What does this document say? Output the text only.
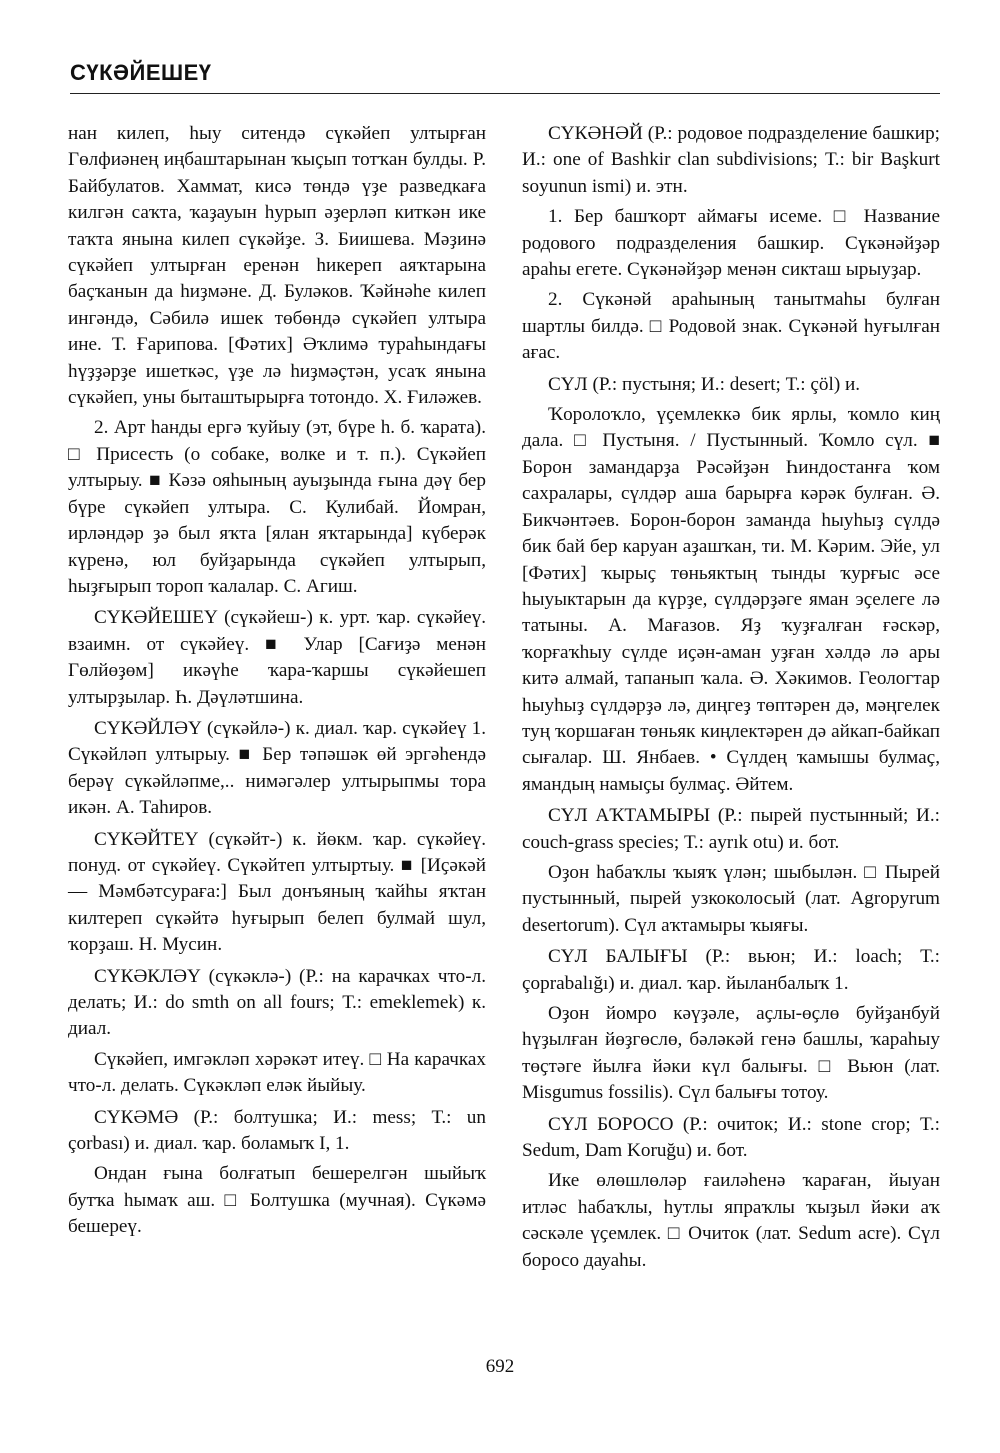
СҮКӘЙЕШЕҮ

нан килеп, һыу ситендә сүкәйеп ултырған Гөлфиәнең иңбаштарынан ҡыҫып тотҡан булды. Р. Байбулатов. Хаммат, кисә төндә үҙе разведкаға килгән саҡта, ҡаҙауын һурып әҙерләп киткән ике таҡта янына килеп сүкәйҙе. З. Биишева. Мәҙинә сүкәйеп ултырған еренән һикереп аяҡтарына баҫҡанын да һиҙмәне. Д. Буләков. Ҡәйнәһе килеп ингәндә, Сәбилә ишек төбөндә сүкәйеп ултыра ине. Т. Ғарипова. [Фәтих] Әҡлимә тураһындағы һүҙҙәрҙе ишеткәс, үҙе лә һиҙмәҫтән, усаҡ янына сүкәйеп, уны быташтырырға тотондо. Х. Ғиләжев.

2. Арт һанды ергә ҡуйыу (эт, бүре һ. б. ҡарата). □ Присесть (о собаке, волке и т. п.). Сүкәйеп ултырыу. ■ Кәзә ояһының ауыҙында ғына дәү бер бүре сүкәйеп ултыра. С. Кулибай. Йомран, ирләндәр ҙә был яҡта [ялан яҡтарында] күберәк күренә, юл буйҙарында сүкәйеп ултырып, һыҙғырып тороп ҡалалар. С. Агиш.

СҮКӘЙЕШЕҮ (сүкәйеш-) к. урт. ҡар. сүкәйеү. взаимн. от сүкәйеү. ■ Улар [Сағиҙә менән Гөлйөҙөм] икәүһе ҡара-ҡаршы сүкәйешеп ултырҙылар. Һ. Дәүләтшина.

СҮКӘЙЛӘҮ (сүкәйлә-) к. диал. ҡар. сүкәйеү 1. Сүкәйләп ултырыу. ■ Бер тәпәшәк өй эргәһендә берәү сүкәйләпме,.. нимәгәлер ултырыпмы тора икән. А. Таһиров.

СҮКӘЙТЕҮ (сүкәйт-) к. йөкм. ҡар. сүкәйеү. понуд. от сүкәйеү. Сүкәйтеп ултыртыу. ■ [Иҫәкәй — Мәмбәтсураға:] Был донъяның ҡайһы яҡтан килтереп сүкәйтә һуғырып белеп булмай шул, ҡорҙаш. Н. Мусин.

СҮКӘКЛӘҮ (сүкәклә-) (Р.: на карачках что-л. делать; И.: do smth on all fours; Т.: emeklemek) к. диал.

Сүкәйеп, имгәкләп хәрәкәт итеү. □ На карачках что-л. делать. Сүкәкләп еләк йыйыу.

СҮКӘМӘ (Р.: болтушка; И.: mess; Т.: un çorbası) и. диал. ҡар. боламыҡ I, 1.

Ондан ғына болғатып бешерелгән шыйыҡ бутҡа һымаҡ аш. □ Болтушка (мучная). Сүкәмә бешереү.

СҮКӘНӘЙ (Р.: родовое подразделение башкир; И.: one of Bashkir clan subdivisions; Т.: bir Başkurt soyunun ismi) и. этн.

1. Бер башҡорт аймағы исеме. □ Название родового подразделения башкир. Сүкәнәйҙәр араһы егете. Сүкәнәйҙәр менән сикташ ырыуҙар.

2. Сүкәнәй араһының танытмаһы булған шартлы билдә. □ Родовой знак. Сүкәнәй һуғылған ағас.

СҮЛ (Р.: пустыня; И.: desert; Т.: çöl) и.

Ҡоролоҡло, үҫемлеккә бик ярлы, ҡомло киң дала. □ Пустыня. / Пустынный. Ҡомло сүл. ■ Борон замандарҙа Рәсәйҙән Һиндостанға ҡом сахралары, сүлдәр аша барырға кәрәк булған. Ә. Бикчәнтәев. Борон-борон заманда һыуһыҙ сүлдә бик бай бер каруан аҙашҡан, ти. М. Кәрим. Эйе, ул [Фәтих] ҡырыҫ төньяктың тынды ҡурғыс әсе һыуыктарын да күрҙе, сүлдәрҙәге яман эҫелеге лә татыны. А. Мағазов. Яҙ ҡуҙғалған ғәскәр, ҡорғаҡһыу сүлде иҫән-аман уҙған хәлдә лә ары китә алмай, тапанып ҡала. Ә. Хәкимов. Геологтар һыуһыҙ сүлдәрҙә лә, диңгеҙ төптәрен дә, мәңгелек туң ҡоршаған төньяк киңлектәрен дә айкап-байкап сығалар. Ш. Янбаев. • Сүлдең ҡамышы булмаҫ, ямандың намыҫы булмаҫ. Әйтем.

СҮЛ АҠТАМЫРЫ (Р.: пырей пустынный; И.: couch-grass species; Т.: ayrık otu) и. бот.

Оҙон һабаҡлы ҡыяҡ үлән; шыбылән. □ Пырей пустынный, пырей узкоколосый (лат. Agropyrum desertorum). Сүл аҡтамыры ҡыяғы.

СҮЛ БАЛЫҒЫ (Р.: вьюн; И.: loach; Т.: çoprabalığı) и. диал. ҡар. йыланбалыҡ 1.

Оҙон йомро кәүҙәле, аҫлы-өҫлө буйҙанбуй һүҙылған йөҙгөслө, бәләкәй генә башлы, ҡараһыу төҫтәге йылға йәки күл балығы. □ Вьюн (лат. Misgumus fossilis). Сүл балығы тотоу.

СҮЛ БОРОСО (Р.: очиток; И.: stone crop; Т.: Sedum, Dam Koruğu) и. бот.

Ике өлөшлөләр ғаиләһенә ҡараған, йыуан итләс һабаҡлы, һутлы япраҡлы ҡыҙыл йәки аҡ сәскәле үҫемлек. □ Очиток (лат. Sedum acre). Сүл боросо дауаһы.

692
